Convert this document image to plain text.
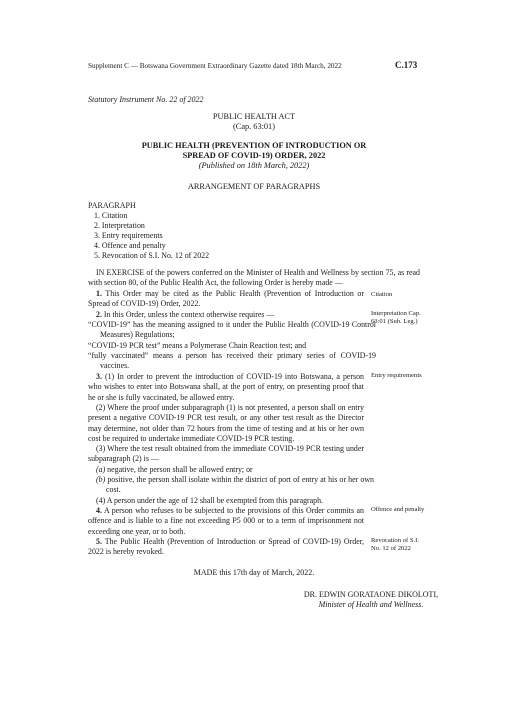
Supplement C — Botswana Government Extraordinary Gazette dated 18th March, 2022	C.173
Statutory Instrument No. 22 of 2022
PUBLIC HEALTH ACT
(Cap. 63:01)
PUBLIC HEALTH (PREVENTION OF INTRODUCTION OR
SPREAD OF COVID-19) ORDER, 2022
(Published on 18th March, 2022)
ARRANGEMENT OF PARAGRAPHS
PARAGRAPH
1. Citation
2. Interpretation
3. Entry requirements
4. Offence and penalty
5. Revocation of S.I. No. 12 of 2022
IN EXERCISE of the powers conferred on the Minister of Health and Wellness by section 75, as read with section 80, of the Public Health Act, the following Order is hereby made —
1. This Order may be cited as the Public Health (Prevention of Introduction or Spread of COVID-19) Order, 2022.
Citation
2. In this Order, unless the context otherwise requires —	Interpretation Cap. 63:01 (Sub. Leg.)
“COVID-19” has the meaning assigned to it under the Public Health (COVID-19 Control Measures) Regulations;
“COVID-19 PCR test” means a Polymerase Chain Reaction test; and
“fully vaccinated” means a person has received their primary series of COVID-19 vaccines.
3. (1) In order to prevent the introduction of COVID-19 into Botswana, a person who wishes to enter into Botswana shall, at the port of entry, on presenting proof that he or she is fully vaccinated, be allowed entry.
Entry requirements
(2) Where the proof under subparagraph (1) is not presented, a person shall on entry present a negative COVID-19 PCR test result, or any other test result as the Director may determine, not older than 72 hours from the time of testing and at his or her own cost be required to undertake immediate COVID-19 PCR testing.
(3) Where the test result obtained from the immediate COVID-19 PCR testing under subparagraph (2) is —
(a) negative, the person shall be allowed entry; or
(b) positive, the person shall isolate within the district of port of entry at his or her own cost.
(4) A person under the age of 12 shall be exempted from this paragraph.
4. A person who refuses to be subjected to the provisions of this Order commits an offence and is liable to a fine not exceeding P5 000 or to a term of imprisonment not exceeding one year, or to both.
Offence and penalty
5. The Public Health (Prevention of Introduction or Spread of COVID-19) Order, 2022 is hereby revoked.
Revocation of S.I. No. 12 of 2022
MADE this 17th day of March, 2022.
DR. EDWIN GORATAONE DIKOLOTI,
Minister of Health and Wellness.
